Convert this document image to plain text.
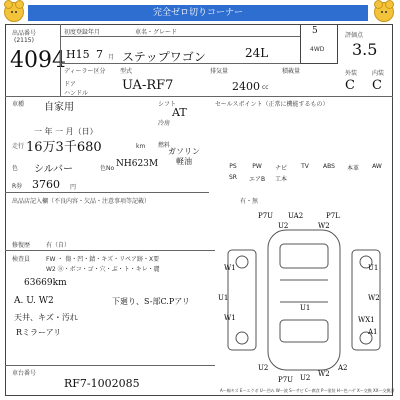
完全ゼロ切りコーナー
出品番号
(2115)
4094
初度登録年月	車名・グレード
H15 7 月 ステップワゴン	24L
5
4WD
評価点
3.5
ディーラー区分
ドア
ハンドル
型式
UA-RF7
排気量
2400 cc
積載量	外装 内装
C C
車種 自家用	シフト
AT
セールスポイント（正常に機能するもの）
一 年 一 月（日）
冷房
走行 16万3千680	km 燃料
ガソリン
軽油
色 シルバー	色No NH623M	PS	PW	ナビ	TV	ABS	本革	AW
SR	エアB	工本
R券 3760 円
有・無
出品店記入欄（不良内容・欠品・注意事項等記載）
修復歴	有（自）
検査員	FW ・ 傷・凹・錆・キズ・リペア跡・X要
W2 Ⓑ・ボコ・ゴ・穴・ぶ・ト・キレ・麗
63669km
A. U. W2	下廻り、S-部C.Pアリ
天井、キズ・汚れ
Rミラーアリ
車台番号
RF7-1002085
P7U UA2	P7L
U2	W2
W1
U1
U1
W2
W1	WX1
A1
P7U U2 W2
U2	A2
U1
A～線キズ E～エクボ U～凹み W～波 S～サビ C～腐食 P～塗装 H～色ハゲ X～交換 XX～交換済
